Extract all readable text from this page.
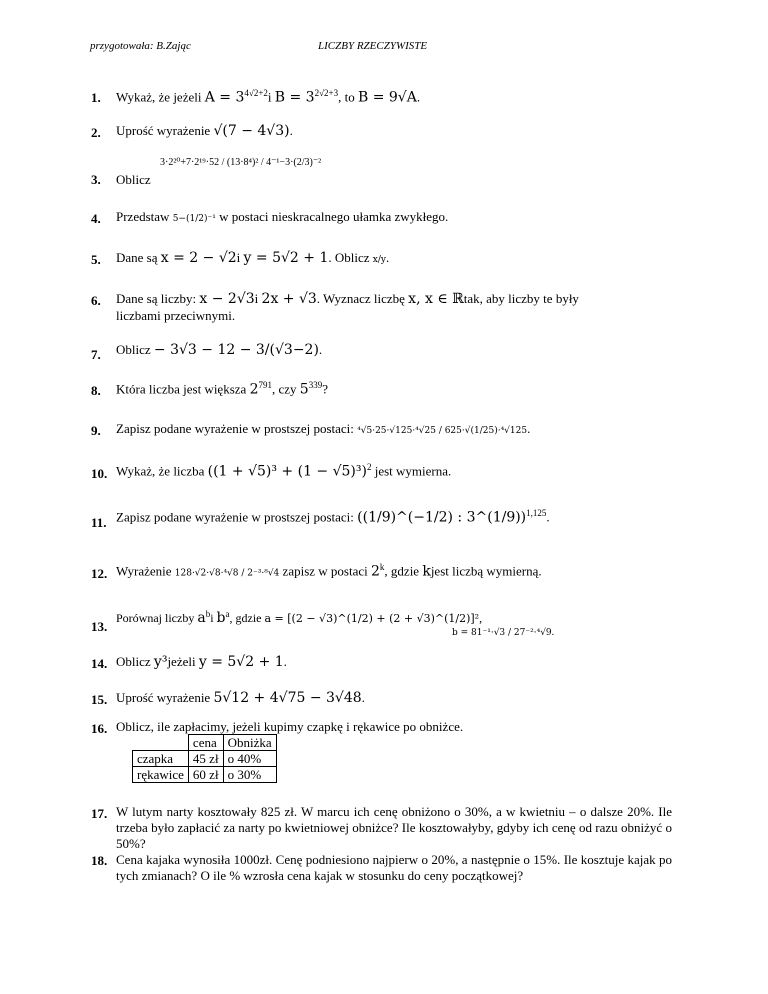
przygotowała: B.Zając	LICZBY RZECZYWISTE
1. Wykaż, że jeżeli $A = 3^{4√2+2}i$ $B = 3^{2√2+3}$, to B = 9√A.
2. Uprość wyrażenie √(7 − 4√3).
3. Oblicz
3·2²⁰+7·2¹⁹·52 / (13·8⁴)² / 4⁻¹−3·(2/3)⁻²
4. Przedstaw 5−(1/2)⁻¹ w postaci nieskracalnego ułamka zwykłego.
5. Dane są x = 2 − √2i y = 5√2 + 1. Oblicz x/y.
6. Dane są liczby: x − 2√3i 2x + √3. Wyznacz liczbę x, x ∈ ℝtak, aby liczby te były
liczbami przeciwnymi.
7. Oblicz − 3√3 − 12 − 3/(√3−2).
8. Która liczba jest większa $2^{791}$, czy $5^{339}$?
9. Zapisz podane wyrażenie w prostszej postaci: ⁴√5·25·√125·⁴√25 / 625·√(1/25)·⁴√125.
10. Wykaż, że liczba $((1 + √5)^3 + (1 - √5)^3)^2$ jest wymierna.
11. Zapisz podane wyrażenie w prostszej postaci: ((1/9)^(−1/2) : 3^(1/9))$^{1,125}$.
12. Wyrażenie 128·√2·√8·⁴√8 / 2⁻³·⁸√4 zapisz w postaci 2$^k$, gdzie kjest liczbą wymierną.
13.
Porównaj liczby $a^bi$ $b^a$, gdzie a = [(2 − √3)^(1/2) + (2 + √3)^(1/2)]²,
b = 81⁻¹·√3 / 27⁻²·⁴√9.
14. Oblicz y³jeżeli y = 5√2 + 1.
15. Uprość wyrażenie 5√12 + 4√75 − 3√48.
16. Oblicz, ile zapłacimy, jeżeli kupimy czapkę i rękawice po obniżce.
	cena	Obniżka
czapka	45 zł	o 40%
rękawice	60 zł	o 30%
17. W lutym narty kosztowały 825 zł. W marcu ich cenę obniżono o 30%, a w kwietniu – o dalsze 20%. Ile trzeba było zapłacić za narty po kwietniowej obniżce? Ile kosztowałyby, gdyby ich cenę od razu obniżyć o 50%?
18. Cena kajaka wynosiła 1000zł. Cenę podniesiono najpierw o 20%, a następnie o 15%. Ile kosztuje kajak po tych zmianach? O ile % wzrosła cena kajak w stosunku do ceny początkowej?
